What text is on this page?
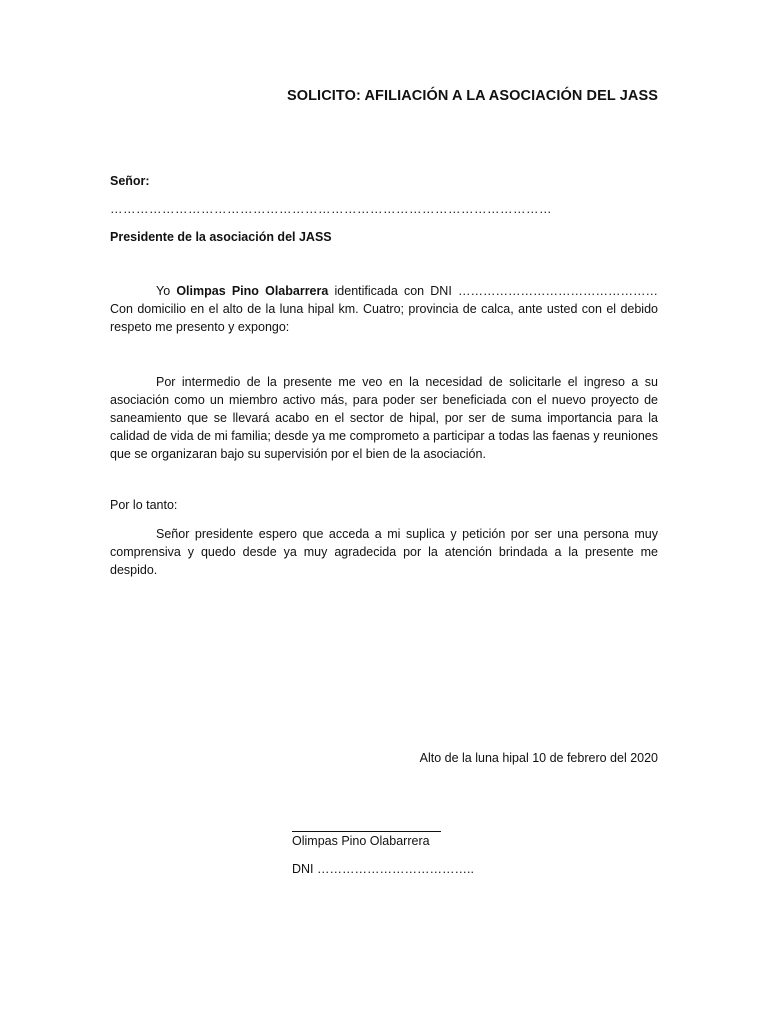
SOLICITO: AFILIACIÓN A LA ASOCIACIÓN DEL JASS
Señor:
…………………………………………………………………………………………
Presidente de la asociación del JASS
Yo Olimpas Pino Olabarrera identificada con DNI ………………………………………… Con domicilio en el alto de la luna hipal km. Cuatro; provincia de calca, ante usted con el debido respeto me presento y expongo:
Por intermedio de la presente me veo en la necesidad de solicitarle el ingreso a su asociación como un miembro activo más, para poder ser beneficiada con el nuevo proyecto de saneamiento que se llevará acabo en el sector de hipal, por ser de suma importancia para la calidad de vida de mi familia; desde ya me comprometo a participar a todas las faenas y reuniones que se organizaran bajo su supervisión por el bien de la asociación.
Por lo tanto:
Señor presidente espero que acceda a mi suplica y petición por ser una persona muy comprensiva y quedo desde ya muy agradecida por la atención brindada a la presente me despido.
Alto de la luna hipal 10 de febrero del 2020
Olimpas Pino Olabarrera
DNI ………………………………..
